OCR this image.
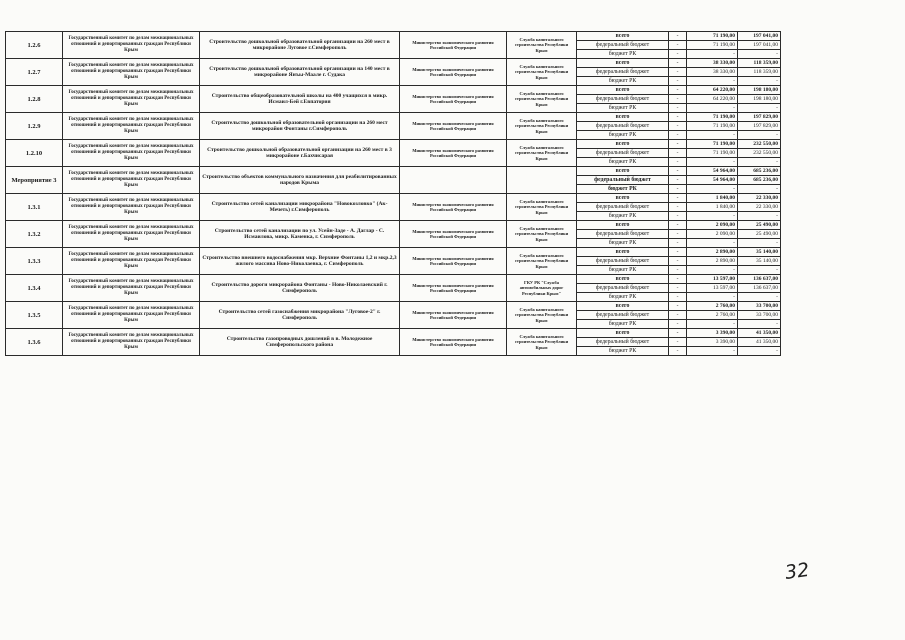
1.2.6	Государственный комитет по делам межнациональных отношений и депортированных граждан Республики Крым	Строительство дошкольной образовательной организации на 260 мест в микрорайоне Луговое г.Симферополь	Министерство экономического развития Российской Федерации	Служба капитального строительства Республики Крым	всего	-	71 190,00	197 041,00
					федеральный бюджет	-	71 190,00	197 041,00
					бюджет РК	-	-	-
1.2.7	Государственный комитет по делам межнациональных отношений и депортированных граждан Республики Крым	Строительство дошкольной образовательной организации на 140 мест в микрорайоне Янъы-Маале г. Судака	Министерство экономического развития Российской Федерации	Служба капитального строительства Республики Крым	всего	-	38 330,00	118 359,00
					федеральный бюджет	-	38 330,00	118 359,00
					бюджет РК	-	-	-
1.2.8	Государственный комитет по делам межнациональных отношений и депортированных граждан Республики Крым	Строительство общеобразовательной школы на 400 учащихся в микр. Исмаил-Бей г.Евпатория	Министерство экономического развития Российской Федерации	Служба капитального строительства Республики Крым	всего	-	64 220,00	198 180,00
					федеральный бюджет	-	64 220,00	198 180,00
					бюджет РК	-	-	-
1.2.9	Государственный комитет по делам межнациональных отношений и депортированных граждан Республики Крым	Строительство дошкольной образовательной организации на 260 мест микрорайон Фонтаны г.Симферополь	Министерство экономического развития Российской Федерации	Служба капитального строительства Республики Крым	всего	-	71 190,00	197 829,00
					федеральный бюджет	-	71 190,00	197 829,00
					бюджет РК	-	-	-
1.2.10	Государственный комитет по делам межнациональных отношений и депортированных граждан Республики Крым	Строительство дошкольной образовательной организации на 260 мест в 3 микрорайоне г.Бахчисарая	Министерство экономического развития Российской Федерации	Служба капитального строительства Республики Крым	всего	-	71 190,00	232 550,00
					федеральный бюджет	-	71 190,00	232 550,00
					бюджет РК	-	-	-
Мероприятие 3	Государственный комитет по делам межнациональных отношений и депортированных граждан Республики Крым	Строительство объектов коммунального назначения для реабилитированных народов Крыма			всего	-	54 964,00	685 236,00
					федеральный бюджет	-	54 964,00	685 236,00
					бюджет РК	-	-	-
1.3.1	Государственный комитет по делам межнациональных отношений и депортированных граждан Республики Крым	Строительство сетей канализации микрорайона "Новокозловко" (Ак-Мечеть) г.Симферополь	Министерство экономического развития Российской Федерации	Служба капитального строительства Республики Крым	всего	-	1 840,00	22 330,00
					федеральный бюджет	-	1 840,00	22 330,00
					бюджет РК	-	-	-
1.3.2	Государственный комитет по делам межнациональных отношений и депортированных граждан Республики Крым	Строительство сетей канализации по ул. Усейн-Заде - А. Даглар - С. Исмаилова, микр. Каменка, г. Симферополь	Министерство экономического развития Российской Федерации	Служба капитального строительства Республики Крым	всего	-	2 090,00	25 490,00
					федеральный бюджет	-	2 090,00	25 490,00
					бюджет РК	-	-	-
1.3.3	Государственный комитет по делам межнациональных отношений и депортированных граждан Республики Крым	Строительство внешнего водоснабжения мкр. Верхние Фонтаны 1,2 и мкр.2,3 жилого массива Ново-Николаевка, г. Симферополь	Министерство экономического развития Российской Федерации	Служба капитального строительства Республики Крым	всего	-	2 890,00	35 140,00
					федеральный бюджет	-	2 890,00	35 140,00
					бюджет РК	-	-	-
1.3.4	Государственный комитет по делам межнациональных отношений и депортированных граждан Республики Крым	Строительство дороги микрорайона Фонтаны - Ново-Николаевский г. Симферополь	Министерство экономического развития Российской Федерации	ГКУ РК "Служба автомобильных дорог Республики Крым"	всего	-	13 597,00	136 637,00
					федеральный бюджет	-	13 597,00	136 637,00
					бюджет РК	-	-	-
1.3.5	Государственный комитет по делам межнациональных отношений и депортированных граждан Республики Крым	Строительство сетей газоснабжения микрорайона "Луговое-2" г. Симферополь	Министерство экономического развития Российской Федерации	Служба капитального строительства Республики Крым	всего	-	2 760,00	33 700,00
					федеральный бюджет	-	2 760,00	33 700,00
					бюджет РК	-	-	-
1.3.6	Государственный комитет по делам межнациональных отношений и депортированных граждан Республики Крым	Строительство газопроводных дошлений в в. Молодежное Симферопольского района	Министерство экономического развития Российской Федерации	Служба капитального строительства Республики Крым	всего	-	3 390,00	41 350,00
					федеральный бюджет	-	3 390,00	41 350,00
					бюджет РК	-	-	-
32
